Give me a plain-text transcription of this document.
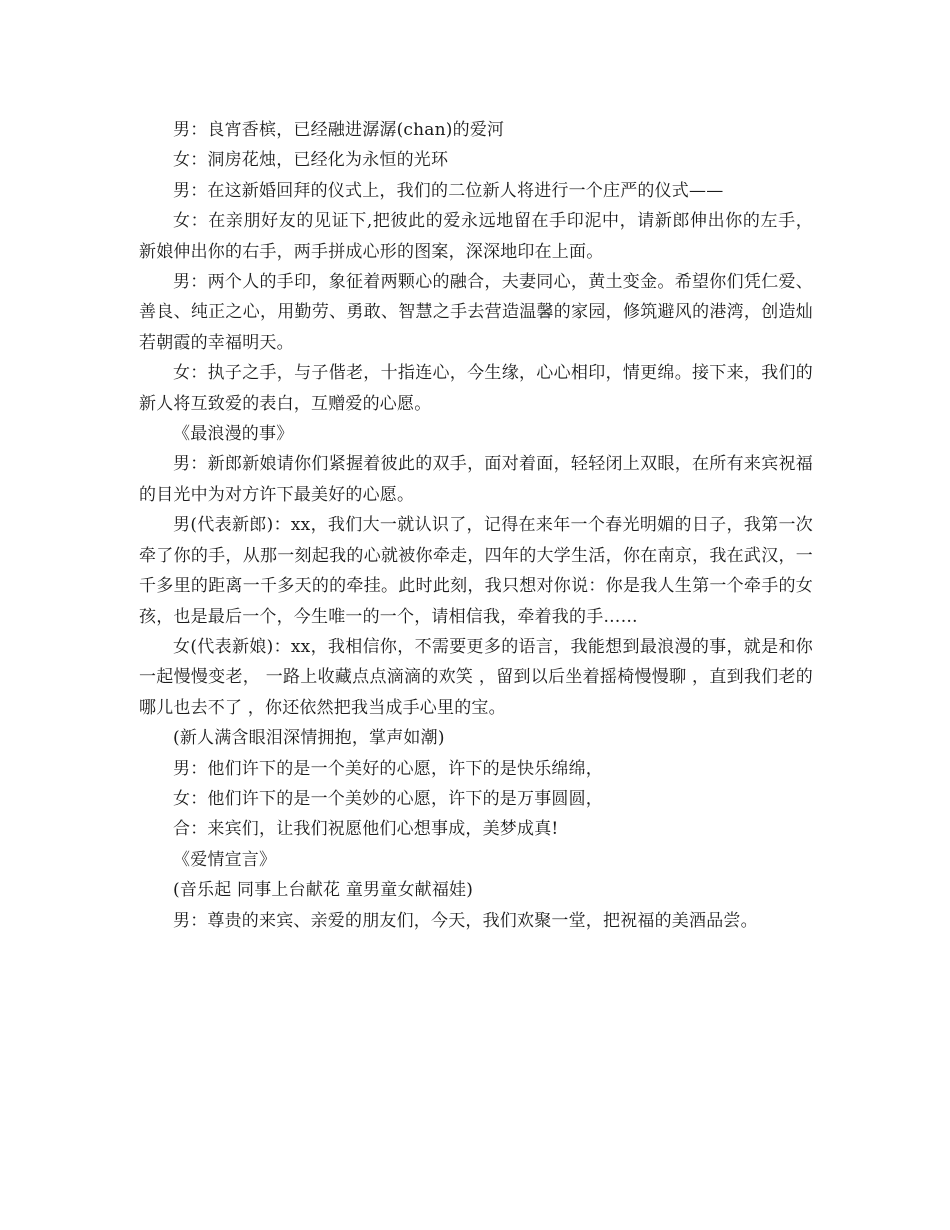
男：良宵香槟，已经融进潺潺(chan)的爱河

女：洞房花烛，已经化为永恒的光环

男：在这新婚回拜的仪式上，我们的二位新人将进行一个庄严的仪式——

女：在亲朋好友的见证下,把彼此的爱永远地留在手印泥中，请新郎伸出你的左手，新娘伸出你的右手，两手拼成心形的图案，深深地印在上面。

男：两个人的手印，象征着两颗心的融合，夫妻同心，黄土变金。希望你们凭仁爱、善良、纯正之心，用勤劳、勇敢、智慧之手去营造温馨的家园，修筑避风的港湾，创造灿若朝霞的幸福明天。

女：执子之手，与子偕老，十指连心，今生缘，心心相印，情更绵。接下来，我们的新人将互致爱的表白，互赠爱的心愿。

《最浪漫的事》

男：新郎新娘请你们紧握着彼此的双手，面对着面，轻轻闭上双眼，在所有来宾祝福的目光中为对方许下最美好的心愿。

男(代表新郎)：xx，我们大一就认识了，记得在来年一个春光明媚的日子，我第一次牵了你的手，从那一刻起我的心就被你牵走，四年的大学生活，你在南京，我在武汉，一千多里的距离一千多天的的牵挂。此时此刻，我只想对你说：你是我人生第一个牵手的女孩，也是最后一个，今生唯一的一个，请相信我，牵着我的手……

女(代表新娘)：xx，我相信你，不需要更多的语言，我能想到最浪漫的事，就是和你一起慢慢变老， 一路上收藏点点滴滴的欢笑 ，留到以后坐着摇椅慢慢聊 ，直到我们老的哪儿也去不了 ，你还依然把我当成手心里的宝。

(新人满含眼泪深情拥抱，掌声如潮)

男：他们许下的是一个美好的心愿，许下的是快乐绵绵，

女：他们许下的是一个美妙的心愿，许下的是万事圆圆，

合：来宾们，让我们祝愿他们心想事成，美梦成真!

《爱情宣言》

(音乐起 同事上台献花 童男童女献福娃)

男：尊贵的来宾、亲爱的朋友们，今天，我们欢聚一堂，把祝福的美酒品尝。
